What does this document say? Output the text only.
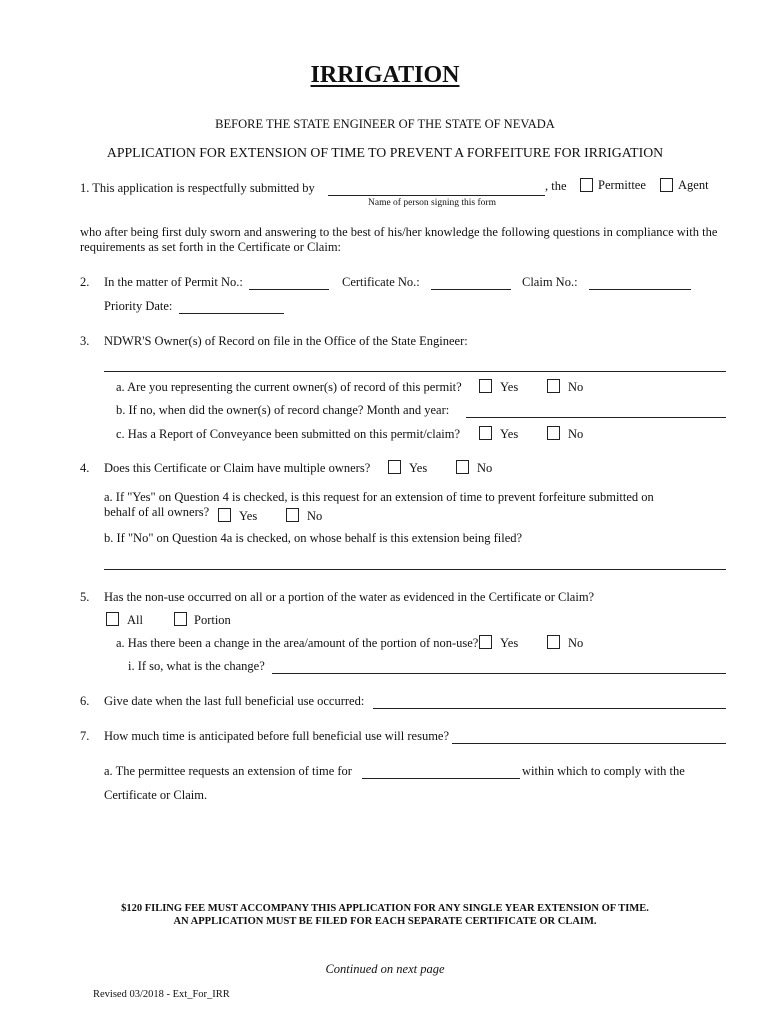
IRRIGATION
BEFORE THE STATE ENGINEER OF THE STATE OF NEVADA
APPLICATION FOR EXTENSION OF TIME TO PREVENT A FORFEITURE FOR IRRIGATION
1. This application is respectfully submitted by	, the	Permittee	Agent
Name of person signing this form
who after being first duly sworn and answering to the best of his/her knowledge the following questions in compliance with the
requirements as set forth in the Certificate or Claim:
2. In the matter of Permit No.:	Certificate No.:	Claim No.:
Priority Date:
3. NDWR'S Owner(s) of Record on file in the Office of the State Engineer:
a. Are you representing the current owner(s) of record of this permit?	Yes	No
b. If no, when did the owner(s) of record change? Month and year:
c. Has a Report of Conveyance been submitted on this permit/claim?	Yes	No
4. Does this Certificate or Claim have multiple owners?	Yes	No
a. If "Yes" on Question 4 is checked, is this request for an extension of time to prevent forfeiture submitted on
behalf of all owners? Yes	No
b. If "No" on Question 4a is checked, on whose behalf is this extension being filed?
5. Has the non-use occurred on all or a portion of the water as evidenced in the Certificate or Claim?
All	Portion
a. Has there been a change in the area/amount of the portion of non-use? Yes	No
i. If so, what is the change?
6. Give date when the last full beneficial use occurred:
7. How much time is anticipated before full beneficial use will resume?
a. The permittee requests an extension of time for	within which to comply with the
Certificate or Claim.
$120 FILING FEE MUST ACCOMPANY THIS APPLICATION FOR ANY SINGLE YEAR EXTENSION OF TIME.
AN APPLICATION MUST BE FILED FOR EACH SEPARATE CERTIFICATE OR CLAIM.
Continued on next page
Revised 03/2018 - Ext_For_IRR
